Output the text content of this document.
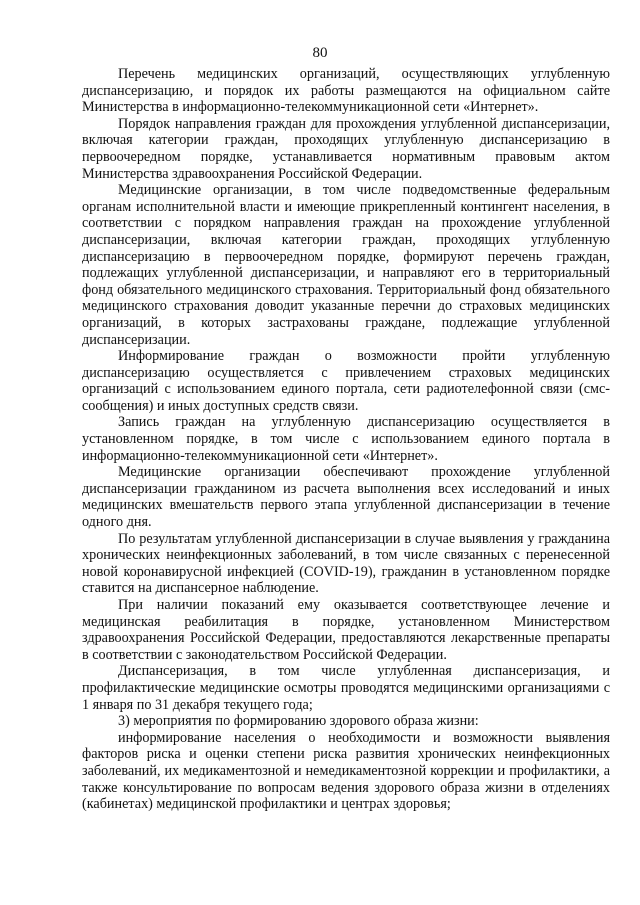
80

Перечень медицинских организаций, осуществляющих углубленную диспансеризацию, и порядок их работы размещаются на официальном сайте Министерства в информационно-телекоммуникационной сети «Интернет».

Порядок направления граждан для прохождения углубленной диспансеризации, включая категории граждан, проходящих углубленную диспансеризацию в первоочередном порядке, устанавливается нормативным правовым актом Министерства здравоохранения Российской Федерации.

Медицинские организации, в том числе подведомственные федеральным органам исполнительной власти и имеющие прикрепленный контингент населения, в соответствии с порядком направления граждан на прохождение углубленной диспансеризации, включая категории граждан, проходящих углубленную диспансеризацию в первоочередном порядке, формируют перечень граждан, подлежащих углубленной диспансеризации, и направляют его в территориальный фонд обязательного медицинского страхования. Территориальный фонд обязательного медицинского страхования доводит указанные перечни до страховых медицинских организаций, в которых застрахованы граждане, подлежащие углубленной диспансеризации.

Информирование граждан о возможности пройти углубленную диспансеризацию осуществляется с привлечением страховых медицинских организаций с использованием единого портала, сети радиотелефонной связи (смс-сообщения) и иных доступных средств связи.

Запись граждан на углубленную диспансеризацию осуществляется в установленном порядке, в том числе с использованием единого портала в информационно-телекоммуникационной сети «Интернет».

Медицинские организации обеспечивают прохождение углубленной диспансеризации гражданином из расчета выполнения всех исследований и иных медицинских вмешательств первого этапа углубленной диспансеризации в течение одного дня.

По результатам углубленной диспансеризации в случае выявления у гражданина хронических неинфекционных заболеваний, в том числе связанных с перенесенной новой коронавирусной инфекцией (COVID-19), гражданин в установленном порядке ставится на диспансерное наблюдение.

При наличии показаний ему оказывается соответствующее лечение и медицинская реабилитация в порядке, установленном Министерством здравоохранения Российской Федерации, предоставляются лекарственные препараты в соответствии с законодательством Российской Федерации.

Диспансеризация, в том числе углубленная диспансеризация, и профилактические медицинские осмотры проводятся медицинскими организациями с 1 января по 31 декабря текущего года;

3) мероприятия по формированию здорового образа жизни:

информирование населения о необходимости и возможности выявления факторов риска и оценки степени риска развития хронических неинфекционных заболеваний, их медикаментозной и немедикаментозной коррекции и профилактики, а также консультирование по вопросам ведения здорового образа жизни в отделениях (кабинетах) медицинской профилактики и центрах здоровья;
